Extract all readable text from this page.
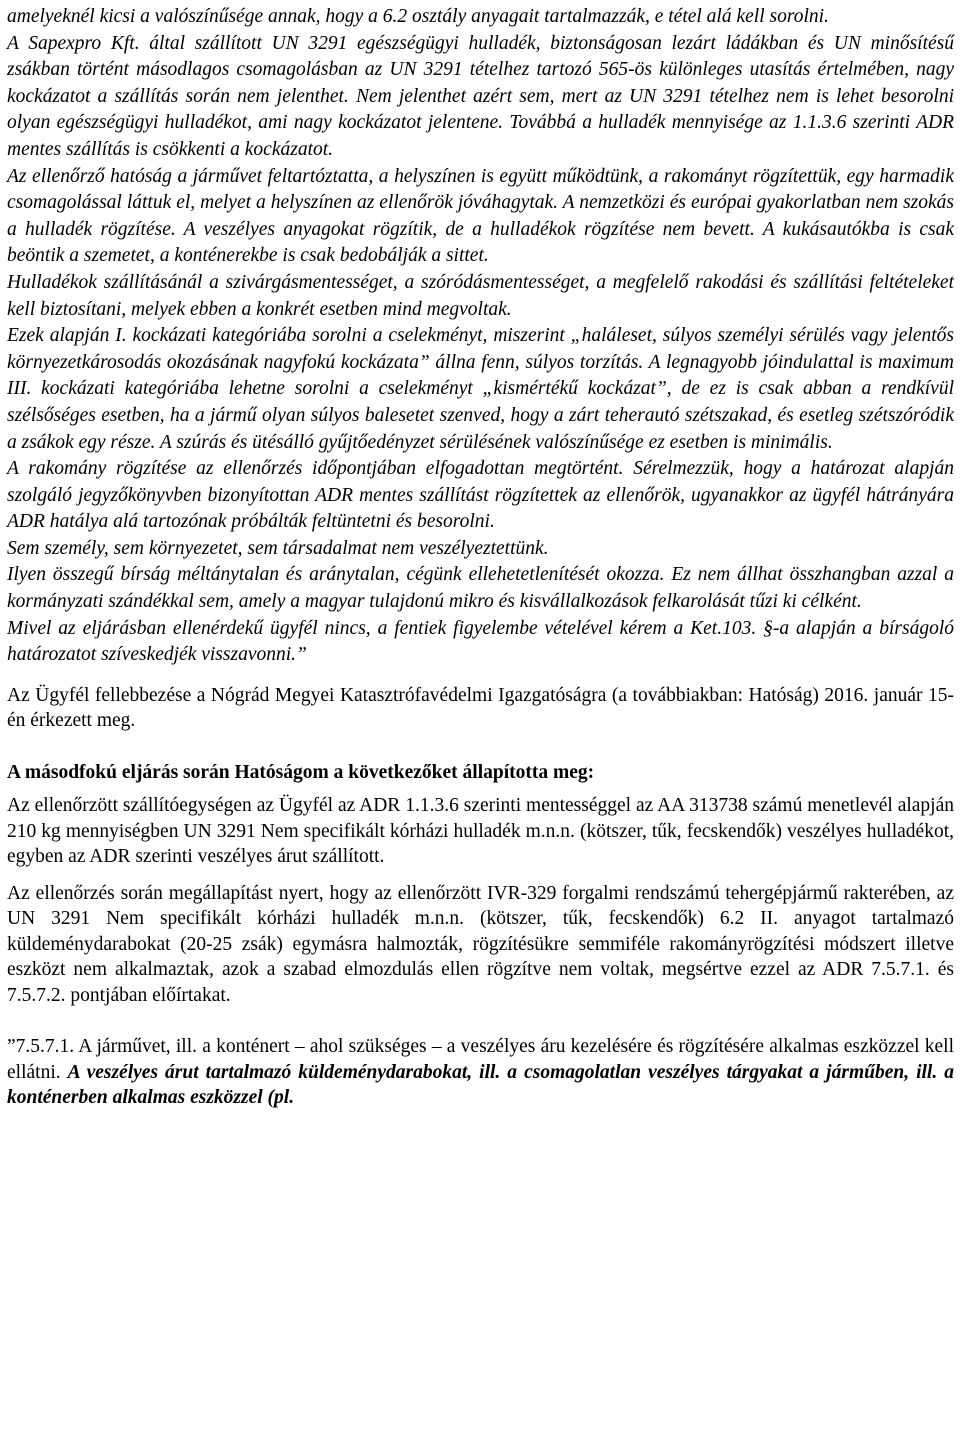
amelyeknél kicsi a valószínűsége annak, hogy a 6.2 osztály anyagait tartalmazzák, e tétel alá kell sorolni.

A Sapexpro Kft. által szállított UN 3291 egészségügyi hulladék, biztonságosan lezárt ládákban és UN minősítésű zsákban történt másodlagos csomagolásban az UN 3291 tételhez tartozó 565-ös különleges utasítás értelmében, nagy kockázatot a szállítás során nem jelenthet. Nem jelenthet azért sem, mert az UN 3291 tételhez nem is lehet besorolni olyan egészségügyi hulladékot, ami nagy kockázatot jelentene. Továbbá a hulladék mennyisége az 1.1.3.6 szerinti ADR mentes szállítás is csökkenti a kockázatot.

Az ellenőrző hatóság a járművet feltartóztatta, a helyszínen is együtt működtünk, a rakományt rögzítettük, egy harmadik csomagolással láttuk el, melyet a helyszínen az ellenőrök jóváhagytak. A nemzetközi és európai gyakorlatban nem szokás a hulladék rögzítése. A veszélyes anyagokat rögzítik, de a hulladékok rögzítése nem bevett. A kukásautókba is csak beöntik a szemetet, a konténerekbe is csak bedobálják a sittet.

Hulladékok szállításánál a szivárgásmentességet, a szóródásmentességet, a megfelelő rakodási és szállítási feltételeket kell biztosítani, melyek ebben a konkrét esetben mind megvoltak.

Ezek alapján I. kockázati kategóriába sorolni a cselekményt, miszerint „haláleset, súlyos személyi sérülés vagy jelentős környezetkárosodás okozásának nagyfokú kockázata” állna fenn, súlyos torzítás. A legnagyobb jóindulattal is maximum III. kockázati kategóriába lehetne sorolni a cselekményt „kismértékű kockázat”, de ez is csak abban a rendkívül szélsőséges esetben, ha a jármű olyan súlyos balesetet szenved, hogy a zárt teherautó szétszakad, és esetleg szétszóródik a zsákok egy része. A szúrás és ütésálló gyűjtőedényzet sérülésének valószínűsége ez esetben is minimális.

A rakomány rögzítése az ellenőrzés időpontjában elfogadottan megtörtént. Sérelmezzük, hogy a határozat alapján szolgáló jegyzőkönyvben bizonyítottan ADR mentes szállítást rögzítettek az ellenőrök, ugyanakkor az ügyfél hátrányára ADR hatálya alá tartozónak próbálták feltüntetni és besorolni.

Sem személy, sem környezetet, sem társadalmat nem veszélyeztettünk.

Ilyen összegű bírság méltánytalan és aránytalan, cégünk ellehetetlenítését okozza. Ez nem állhat összhangban azzal a kormányzati szándékkal sem, amely a magyar tulajdonú mikro és kisvállalkozások felkarolását tűzi ki célként.

Mivel az eljárásban ellenérdekű ügyfél nincs, a fentiek figyelembe vételével kérem a Ket.103. §-a alapján a bírságoló határozatot szíveskedjék visszavonni.”

Az Ügyfél fellebbezése a Nógrád Megyei Katasztrófavédelmi Igazgatóságra (a továbbiakban: Hatóság) 2016. január 15-én érkezett meg.

A másodfokú eljárás során Hatóságom a következőket állapította meg:

Az ellenőrzött szállítóegységen az Ügyfél az ADR 1.1.3.6 szerinti mentességgel az AA 313738 számú menetlevél alapján 210 kg mennyiségben UN 3291 Nem specifikált kórházi hulladék m.n.n. (kötszer, tűk, fecskendők) veszélyes hulladékot, egyben az ADR szerinti veszélyes árut szállított.

Az ellenőrzés során megállapítást nyert, hogy az ellenőrzött IVR-329 forgalmi rendszámú tehergépjármű rakterében, az UN 3291 Nem specifikált kórházi hulladék m.n.n. (kötszer, tűk, fecskendők) 6.2 II. anyagot tartalmazó küldeménydarabokat (20-25 zsák) egymásra halmozták, rögzítésükre semmiféle rakományrögzítési módszert illetve eszközt nem alkalmaztak, azok a szabad elmozdulás ellen rögzítve nem voltak, megsértve ezzel az ADR 7.5.7.1. és 7.5.7.2. pontjában előírtakat.

”7.5.7.1. A járművet, ill. a konténert – ahol szükséges – a veszélyes áru kezelésére és rögzítésére alkalmas eszközzel kell ellátni. A veszélyes árut tartalmazó küldeménydarabokat, ill. a csomagolatlan veszélyes tárgyakat a járműben, ill. a konténerben alkalmas eszközzel (pl.
